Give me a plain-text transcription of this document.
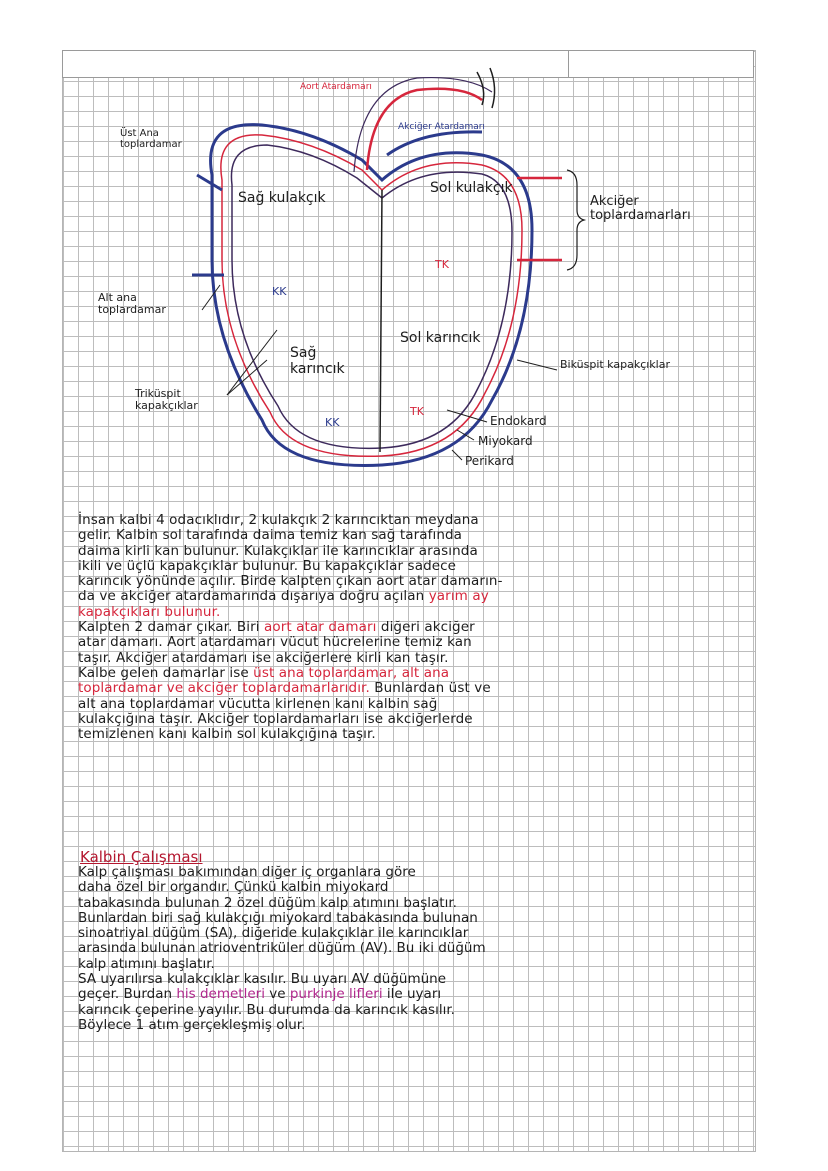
Aort Atardamarı
Akciğer Atardamarı
Üst Ana toplardamar
Sağ kulakçık
Sol kulakçık
Akciğer toplardamarları
Alt ana toplardamar
KK
TK
Sağ karıncık
Sol karıncık
Triküspit kapakçıklar
Biküspit kapakçıklar
KK
TK
Endokard
Miyokard
Perikard

İnsan kalbi 4 odacıklıdır, 2 kulakçık 2 karıncıktan meydana

gelir. Kalbin sol tarafında daima temiz kan sağ tarafında

daima kirli kan bulunur. Kulakçıklar ile karıncıklar arasında

ikili ve üçlü kapakçıklar bulunur. Bu kapakçıklar sadece

karıncık yönünde açılır. Birde kalpten çıkan aort atar damarın-

da ve akciğer atardamarında dışarıya doğru açılan yarım ay

kapakçıkları bulunur.

Kalpten 2 damar çıkar. Biri aort atar damarı diğeri akciğer

atar damarı. Aort atardamarı vücut hücrelerine temiz kan

taşır. Akciğer atardamarı ise akciğerlere kirli kan taşır.

Kalbe gelen damarlar ise üst ana toplardamar, alt ana

toplardamar ve akciğer toplardamarlarıdır. Bunlardan üst ve

alt ana toplardamar vücutta kirlenen kanı kalbin sağ

kulakçığına taşır. Akciğer toplardamarları ise akciğerlerde

temizlenen kanı kalbin sol kulakçığına taşır.

Kalbin Çalışması

Kalp çalışması bakımından diğer iç organlara göre

daha özel bir organdır. Çünkü kalbin miyokard

tabakasında bulunan 2 özel düğüm kalp atımını başlatır.

Bunlardan biri sağ kulakçığı miyokard tabakasında bulunan

sinoatriyal düğüm (SA), diğeride kulakçıklar ile karıncıklar

arasında bulunan atrioventriküler düğüm (AV). Bu iki düğüm

kalp atımını başlatır.

SA uyarılırsa kulakçıklar kasılır. Bu uyarı AV düğümüne

geçer. Burdan his demetleri ve purkinje lifleri ile uyarı

karıncık çeperine yayılır. Bu durumda da karıncık kasılır.

Böylece 1 atım gerçekleşmiş olur.
